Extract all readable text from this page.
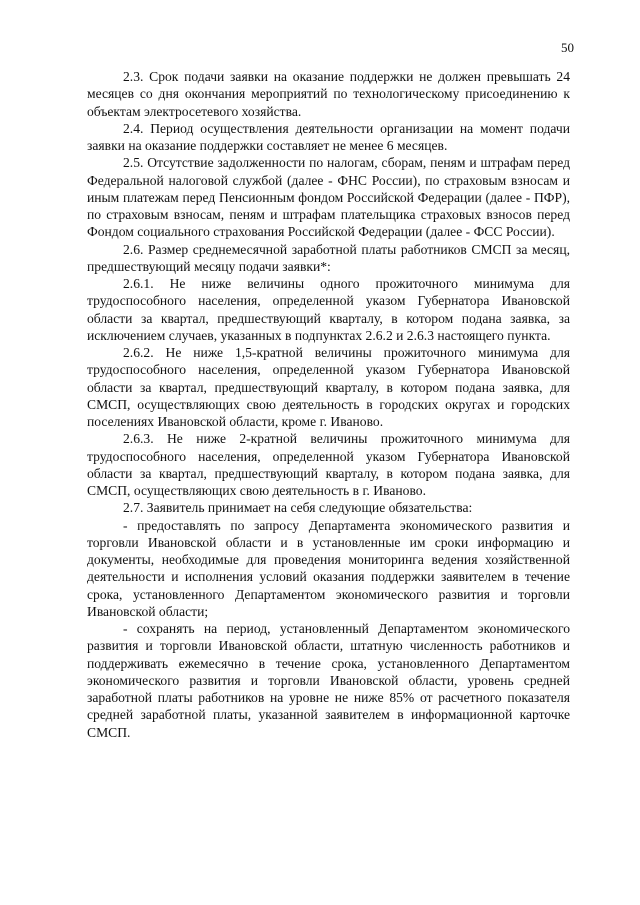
50

2.3. Срок подачи заявки на оказание поддержки не должен превышать 24 месяцев со дня окончания мероприятий по технологическому присоединению к объектам электросетевого хозяйства.

2.4. Период осуществления деятельности организации на момент подачи заявки на оказание поддержки составляет не менее 6 месяцев.

2.5. Отсутствие задолженности по налогам, сборам, пеням и штрафам перед Федеральной налоговой службой (далее - ФНС России), по страховым взносам и иным платежам перед Пенсионным фондом Российской Федерации (далее - ПФР), по страховым взносам, пеням и штрафам плательщика страховых взносов перед Фондом социального страхования Российской Федерации (далее - ФСС России).

2.6. Размер среднемесячной заработной платы работников СМСП за месяц, предшествующий месяцу подачи заявки*:

2.6.1. Не ниже величины одного прожиточного минимума для трудоспособного населения, определенной указом Губернатора Ивановской области за квартал, предшествующий кварталу, в котором подана заявка, за исключением случаев, указанных в подпунктах 2.6.2 и 2.6.3 настоящего пункта.

2.6.2. Не ниже 1,5-кратной величины прожиточного минимума для трудоспособного населения, определенной указом Губернатора Ивановской области за квартал, предшествующий кварталу, в котором подана заявка, для СМСП, осуществляющих свою деятельность в городских округах и городских поселениях Ивановской области, кроме г. Иваново.

2.6.3. Не ниже 2-кратной величины прожиточного минимума для трудоспособного населения, определенной указом Губернатора Ивановской области за квартал, предшествующий кварталу, в котором подана заявка, для СМСП, осуществляющих свою деятельность в г. Иваново.

2.7. Заявитель принимает на себя следующие обязательства:

- предоставлять по запросу Департамента экономического развития и торговли Ивановской области и в установленные им сроки информацию и документы, необходимые для проведения мониторинга ведения хозяйственной деятельности и исполнения условий оказания поддержки заявителем в течение срока, установленного Департаментом экономического развития и торговли Ивановской области;

- сохранять на период, установленный Департаментом экономического развития и торговли Ивановской области, штатную численность работников и поддерживать ежемесячно в течение срока, установленного Департаментом экономического развития и торговли Ивановской области, уровень средней заработной платы работников на уровне не ниже 85% от расчетного показателя средней заработной платы, указанной заявителем в информационной карточке СМСП.
